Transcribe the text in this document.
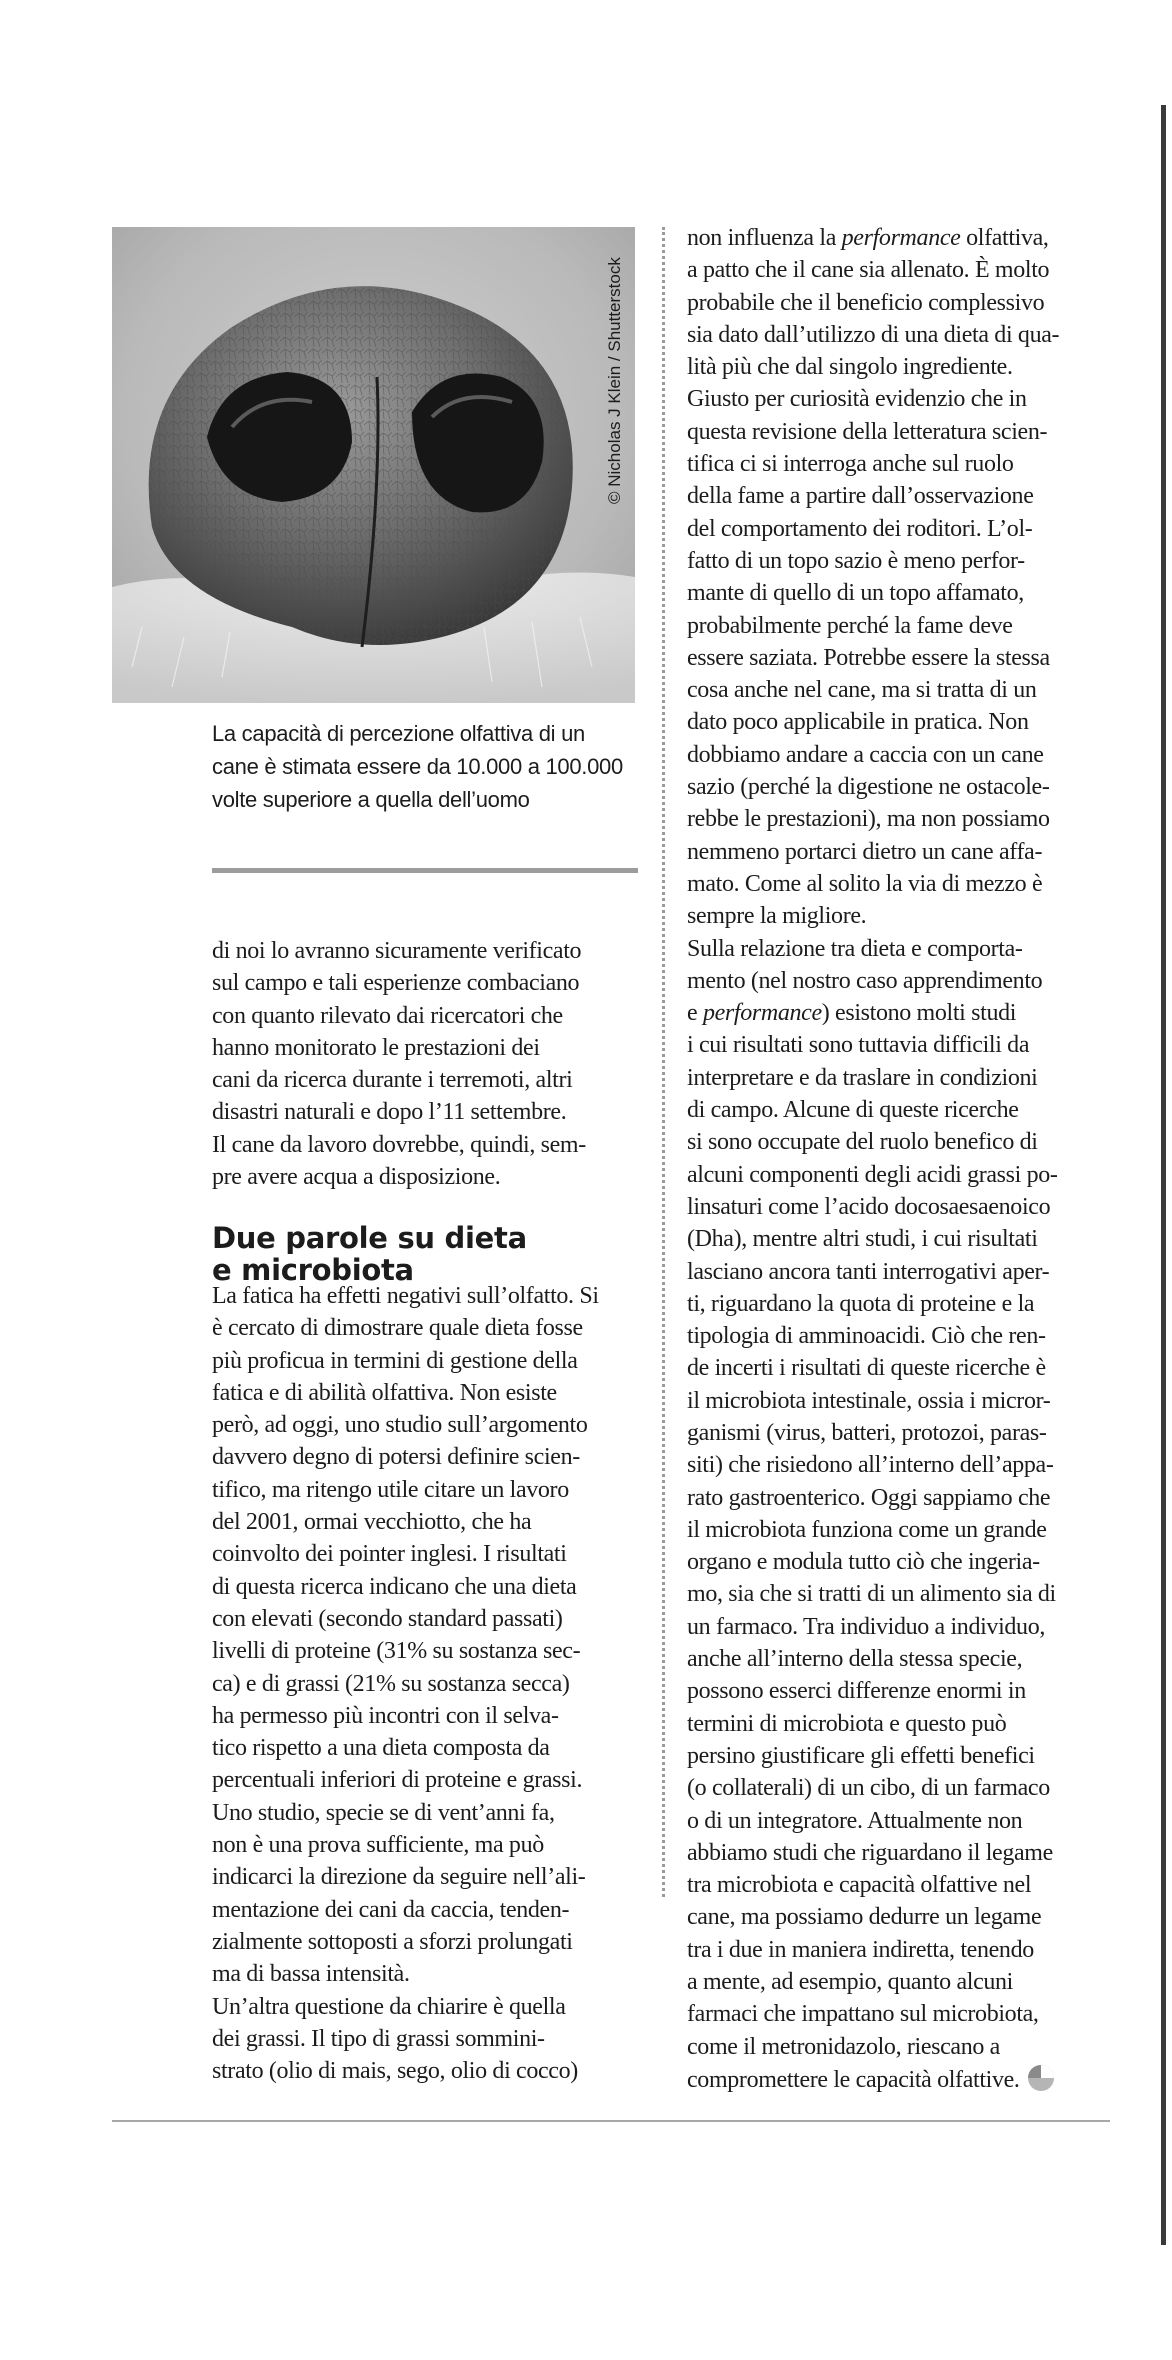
© Nicholas J Klein / Shutterstock
La capacità di percezione olfattiva di un
cane è stimata essere da 10.000 a 100.000
volte superiore a quella dell’uomo
di noi lo avranno sicuramente verificato
sul campo e tali esperienze combaciano
con quanto rilevato dai ricercatori che
hanno monitorato le prestazioni dei
cani da ricerca durante i terremoti, altri
disastri naturali e dopo l’11 settembre.
Il cane da lavoro dovrebbe, quindi, sem-
pre avere acqua a disposizione.
Due parole su dieta
e microbiota
La fatica ha effetti negativi sull’olfatto. Si
è cercato di dimostrare quale dieta fosse
più proficua in termini di gestione della
fatica e di abilità olfattiva. Non esiste
però, ad oggi, uno studio sull’argomento
davvero degno di potersi definire scien-
tifico, ma ritengo utile citare un lavoro
del 2001, ormai vecchiotto, che ha
coinvolto dei pointer inglesi. I risultati
di questa ricerca indicano che una dieta
con elevati (secondo standard passati)
livelli di proteine (31% su sostanza sec-
ca) e di grassi (21% su sostanza secca)
ha permesso più incontri con il selva-
tico rispetto a una dieta composta da
percentuali inferiori di proteine e grassi.
Uno studio, specie se di vent’anni fa,
non è una prova sufficiente, ma può
indicarci la direzione da seguire nell’ali-
mentazione dei cani da caccia, tenden-
zialmente sottoposti a sforzi prolungati
ma di bassa intensità.
Un’altra questione da chiarire è quella
dei grassi. Il tipo di grassi sommini-
strato (olio di mais, sego, olio di cocco)
non influenza la performance olfattiva,
a patto che il cane sia allenato. È molto
probabile che il beneficio complessivo
sia dato dall’utilizzo di una dieta di qua-
lità più che dal singolo ingrediente.
Giusto per curiosità evidenzio che in
questa revisione della letteratura scien-
tifica ci si interroga anche sul ruolo
della fame a partire dall’osservazione
del comportamento dei roditori. L’ol-
fatto di un topo sazio è meno perfor-
mante di quello di un topo affamato,
probabilmente perché la fame deve
essere saziata. Potrebbe essere la stessa
cosa anche nel cane, ma si tratta di un
dato poco applicabile in pratica. Non
dobbiamo andare a caccia con un cane
sazio (perché la digestione ne ostacole-
rebbe le prestazioni), ma non possiamo
nemmeno portarci dietro un cane affa-
mato. Come al solito la via di mezzo è
sempre la migliore.
Sulla relazione tra dieta e comporta-
mento (nel nostro caso apprendimento
e performance) esistono molti studi
i cui risultati sono tuttavia difficili da
interpretare e da traslare in condizioni
di campo. Alcune di queste ricerche
si sono occupate del ruolo benefico di
alcuni componenti degli acidi grassi po-
linsaturi come l’acido docosaesaenoico
(Dha), mentre altri studi, i cui risultati
lasciano ancora tanti interrogativi aper-
ti, riguardano la quota di proteine e la
tipologia di amminoacidi. Ciò che ren-
de incerti i risultati di queste ricerche è
il microbiota intestinale, ossia i micror-
ganismi (virus, batteri, protozoi, paras-
siti) che risiedono all’interno dell’appa-
rato gastroenterico. Oggi sappiamo che
il microbiota funziona come un grande
organo e modula tutto ciò che ingeria-
mo, sia che si tratti di un alimento sia di
un farmaco. Tra individuo a individuo,
anche all’interno della stessa specie,
possono esserci differenze enormi in
termini di microbiota e questo può
persino giustificare gli effetti benefici
(o collaterali) di un cibo, di un farmaco
o di un integratore. Attualmente non
abbiamo studi che riguardano il legame
tra microbiota e capacità olfattive nel
cane, ma possiamo dedurre un legame
tra i due in maniera indiretta, tenendo
a mente, ad esempio, quanto alcuni
farmaci che impattano sul microbiota,
come il metronidazolo, riescano a
compromettere le capacità olfattive.
